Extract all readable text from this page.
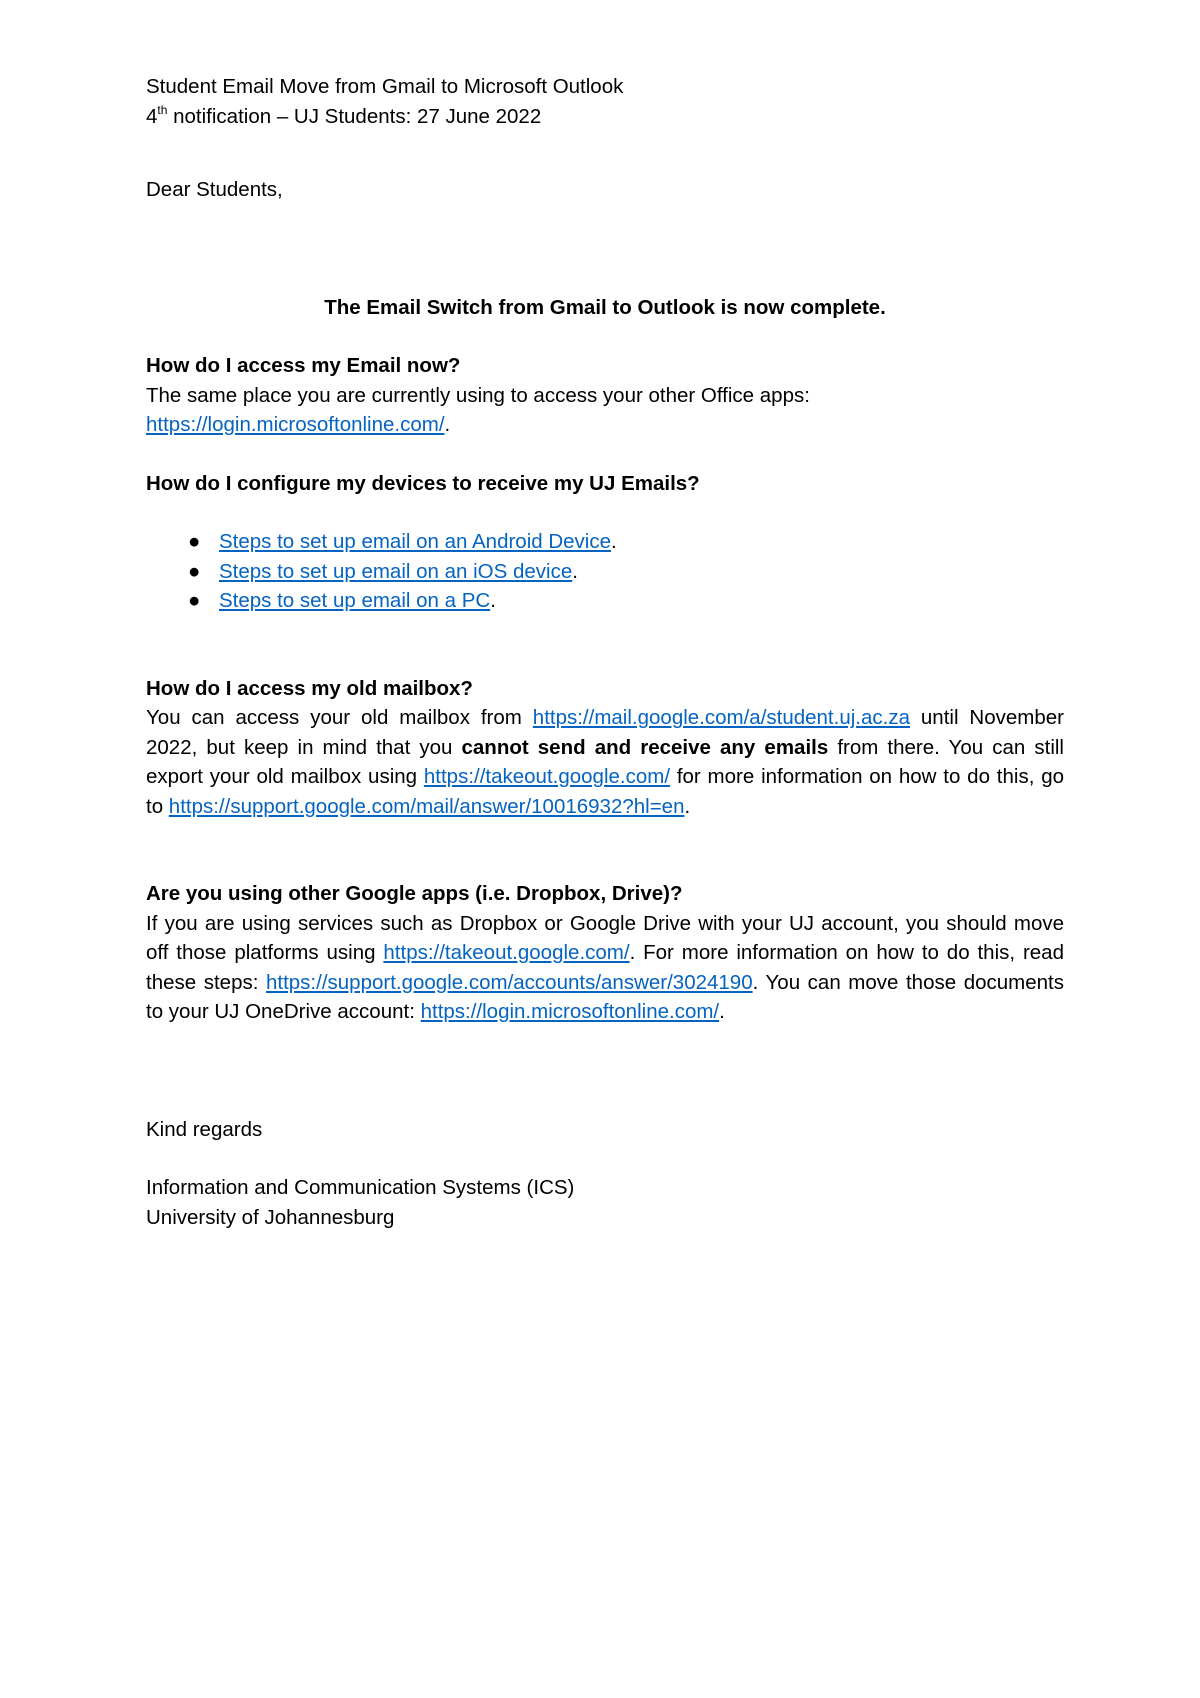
Student Email Move from Gmail to Microsoft Outlook

4th notification – UJ Students: 27 June 2022

Dear Students,

The Email Switch from Gmail to Outlook is now complete.

How do I access my Email now?

The same place you are currently using to access your other Office apps:

https://login.microsoftonline.com/.

How do I configure my devices to receive my UJ Emails?

● Steps to set up email on an Android Device.
● Steps to set up email on an iOS device.
● Steps to set up email on a PC.

How do I access my old mailbox?

You can access your old mailbox from https://mail.google.com/a/student.uj.ac.za until November 2022, but keep in mind that you cannot send and receive any emails from there. You can still export your old mailbox using https://takeout.google.com/ for more information on how to do this, go to https://support.google.com/mail/answer/10016932?hl=en.

Are you using other Google apps (i.e. Dropbox, Drive)?

If you are using services such as Dropbox or Google Drive with your UJ account, you should move off those platforms using https://takeout.google.com/. For more information on how to do this, read these steps: https://support.google.com/accounts/answer/3024190. You can move those documents to your UJ OneDrive account: https://login.microsoftonline.com/.

Kind regards

Information and Communication Systems (ICS)

University of Johannesburg
